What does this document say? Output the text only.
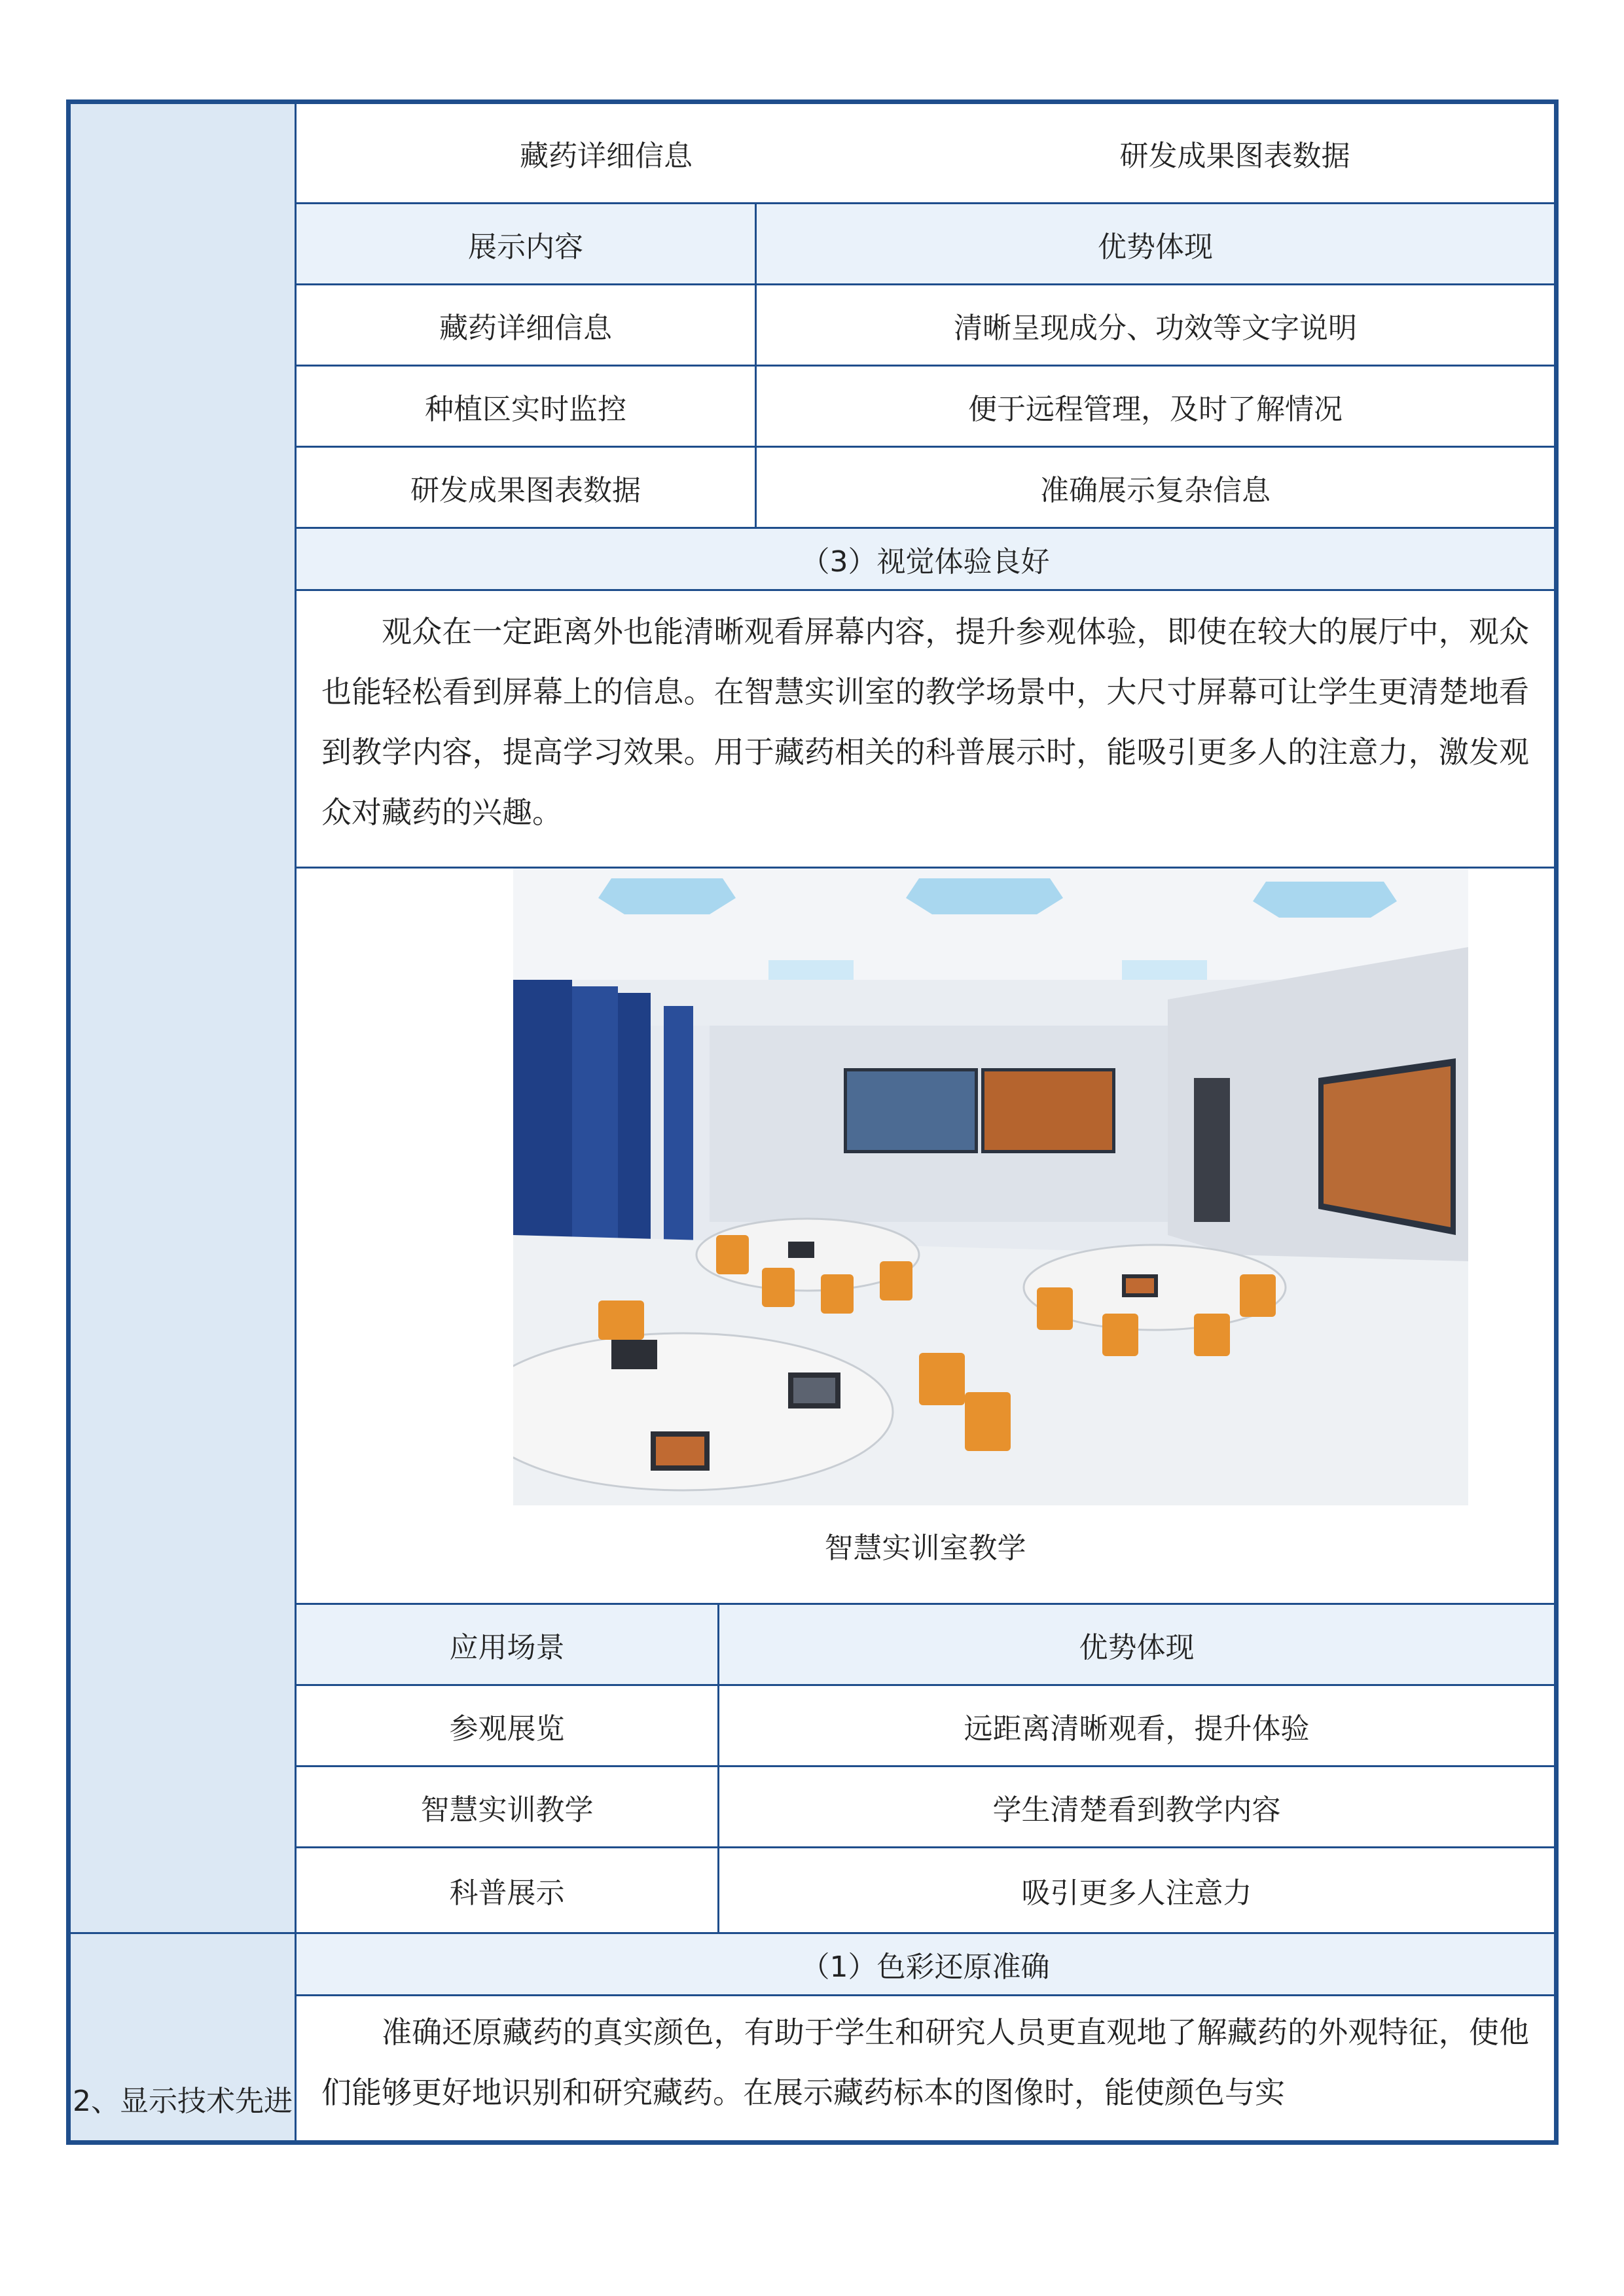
2、显示技术先进
藏药详细信息	研发成果图表数据
展示内容	优势体现
藏药详细信息	清晰呈现成分、功效等文字说明
种植区实时监控	便于远程管理，及时了解情况
研发成果图表数据	准确展示复杂信息
（3）视觉体验良好
观众在一定距离外也能清晰观看屏幕内容，提升参观体验，即使在较大的展厅中，观众也能轻松看到屏幕上的信息。在智慧实训室的教学场景中，大尺寸屏幕可让学生更清楚地看到教学内容，提高学习效果。用于藏药相关的科普展示时，能吸引更多人的注意力，激发观众对藏药的兴趣。
智慧实训室教学
应用场景	优势体现
参观展览	远距离清晰观看，提升体验
智慧实训教学	学生清楚看到教学内容
科普展示	吸引更多人注意力
（1）色彩还原准确
准确还原藏药的真实颜色，有助于学生和研究人员更直观地了解藏药的外观特征，使他们能够更好地识别和研究藏药。在展示藏药标本的图像时，能使颜色与实
